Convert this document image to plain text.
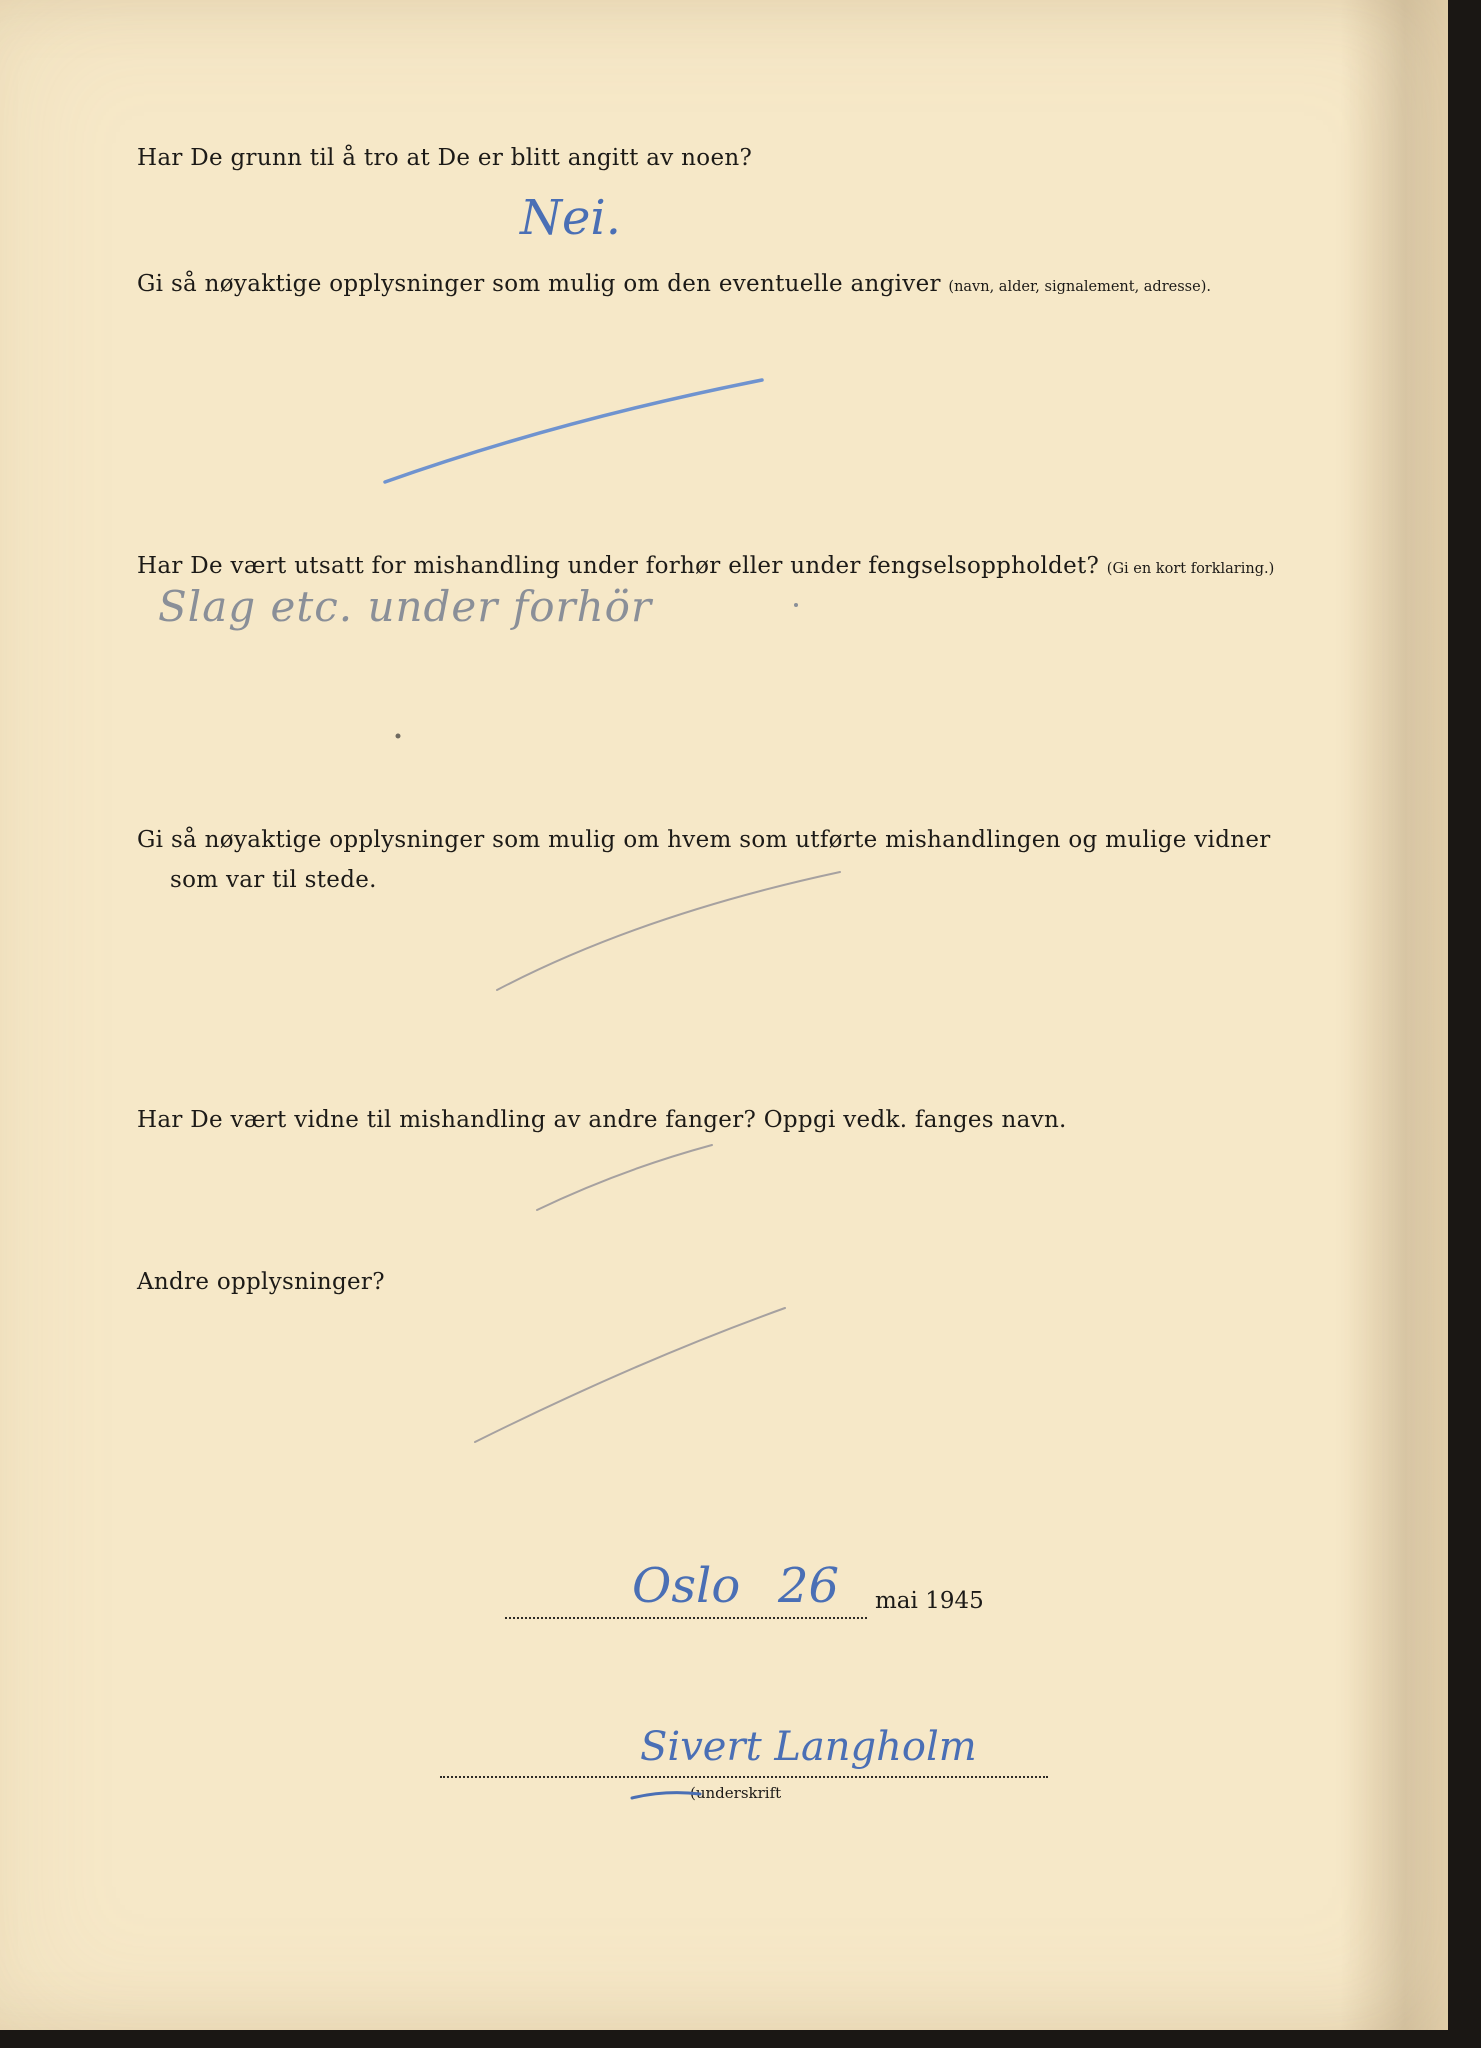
Har De grunn til å tro at De er blitt angitt av noen?
Nei.
Gi så nøyaktige opplysninger som mulig om den eventuelle angiver (navn, alder, signalement, adresse).
Har De vært utsatt for mishandling under forhør eller under fengselsoppholdet? (Gi en kort forklaring.)
Slag etc. under forhör
Gi så nøyaktige opplysninger som mulig om hvem som utførte mishandlingen og mulige vidner
som var til stede.
Har De vært vidne til mishandling av andre fanger? Oppgi vedk. fanges navn.
Andre opplysninger?
Oslo 26 mai 1945
Sivert Langholm
(underskrift
